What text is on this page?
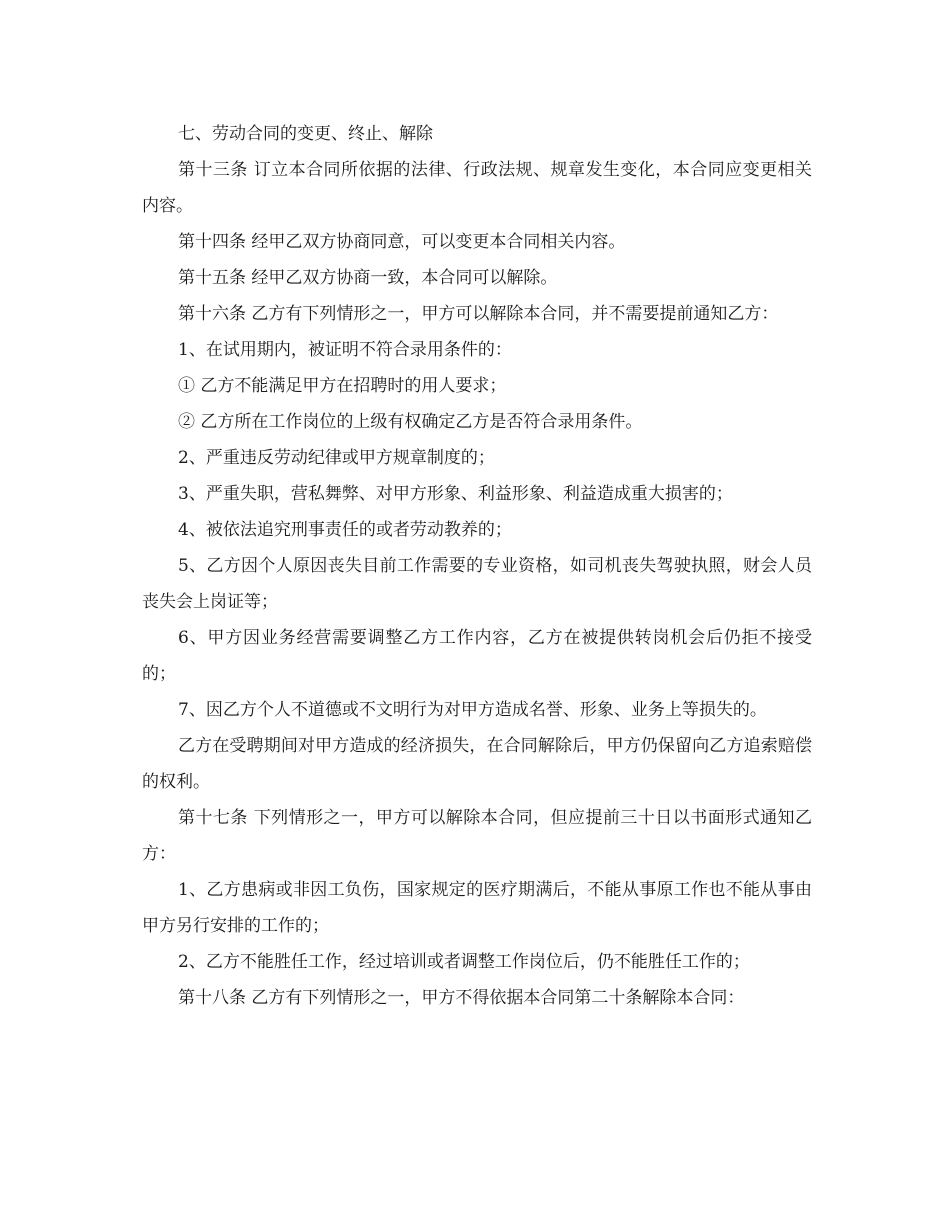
七、劳动合同的变更、终止、解除

第十三条 订立本合同所依据的法律、行政法规、规章发生变化，本合同应变更相关内容。

第十四条 经甲乙双方协商同意，可以变更本合同相关内容。

第十五条 经甲乙双方协商一致，本合同可以解除。

第十六条 乙方有下列情形之一，甲方可以解除本合同，并不需要提前通知乙方：

1、在试用期内，被证明不符合录用条件的：

① 乙方不能满足甲方在招聘时的用人要求；

② 乙方所在工作岗位的上级有权确定乙方是否符合录用条件。

2、严重违反劳动纪律或甲方规章制度的；

3、严重失职，营私舞弊、对甲方形象、利益形象、利益造成重大损害的；

4、被依法追究刑事责任的或者劳动教养的；

5、乙方因个人原因丧失目前工作需要的专业资格，如司机丧失驾驶执照，财会人员丧失会上岗证等；

6、甲方因业务经营需要调整乙方工作内容，乙方在被提供转岗机会后仍拒不接受的；

7、因乙方个人不道德或不文明行为对甲方造成名誉、形象、业务上等损失的。

乙方在受聘期间对甲方造成的经济损失，在合同解除后，甲方仍保留向乙方追索赔偿的权利。

第十七条 下列情形之一，甲方可以解除本合同，但应提前三十日以书面形式通知乙方：

1、乙方患病或非因工负伤，国家规定的医疗期满后，不能从事原工作也不能从事由甲方另行安排的工作的；

2、乙方不能胜任工作，经过培训或者调整工作岗位后，仍不能胜任工作的；

第十八条 乙方有下列情形之一，甲方不得依据本合同第二十条解除本合同：
